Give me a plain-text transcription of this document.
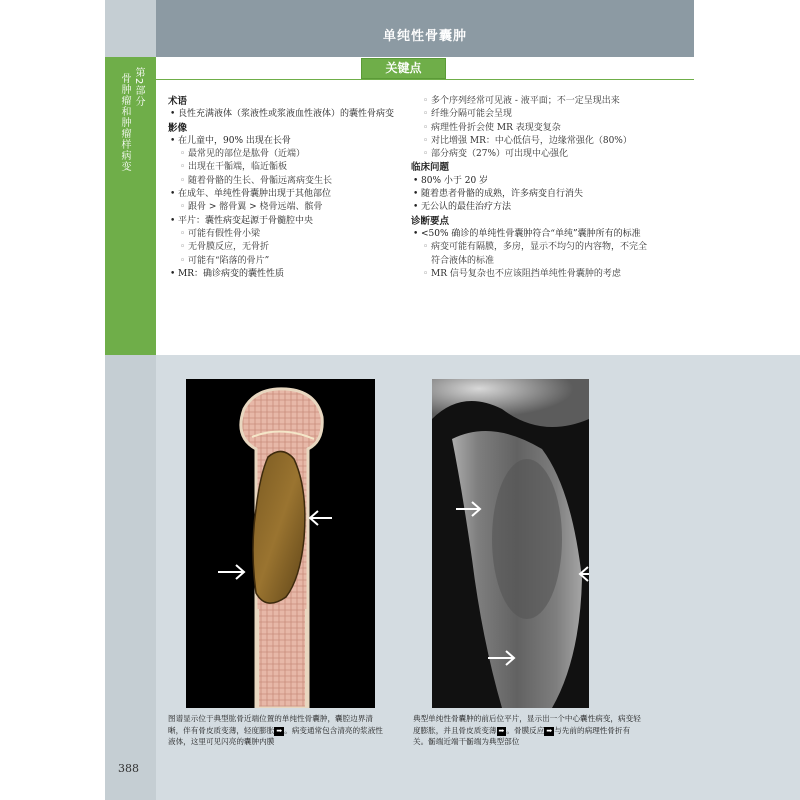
第2部分
骨肿瘤和肿瘤样病变
单纯性骨囊肿
关键点
术语
• 良性充满液体（浆液性或浆液血性液体）的囊性骨病变
影像
• 在儿童中，90% 出现在长骨
◦ 最常见的部位是肱骨（近端）
◦ 出现在干骺端，临近骺板
◦ 随着骨骼的生长、骨骺远离病变生长
• 在成年、单纯性骨囊肿出现于其他部位
◦ 跟骨 > 髂骨翼 > 桡骨远端、髌骨
• 平片：囊性病变起源于骨髓腔中央
◦ 可能有假性骨小梁
◦ 无骨膜反应，无骨折
◦ 可能有“陷落的骨片”
• MR：确诊病变的囊性性质
◦ 多个序列经常可见液 - 液平面；不一定呈现出来
◦ 纤维分隔可能会呈现
◦ 病理性骨折会使 MR 表现变复杂
◦ 对比增强 MR：中心低信号，边缘常强化（80%）
◦ 部分病变（27%）可出现中心强化
临床问题
• 80% 小于 20 岁
• 随着患者骨骼的成熟，许多病变自行消失
• 无公认的最佳治疗方法
诊断要点
• <50% 确诊的单纯性骨囊肿符合“单纯”囊肿所有的标准
◦ 病变可能有隔膜，多房，显示不均匀的内容物，不完全符合液体的标准
◦ MR 信号复杂也不应该阻挡单纯性骨囊肿的考虑
图谱显示位于典型肱骨近端位置的单纯性骨囊肿，囊腔边界清晰，伴有骨皮质变薄，轻度膨胀 ➡ 。病变通常包含清亮的浆液性液体，这里可见闪亮的囊肿内膜
典型单纯性骨囊肿的前后位平片，显示出一个中心囊性病变，病变轻度膨胀，并且骨皮质变薄 ➡ 。骨膜反应 ➡ 与先前的病理性骨折有关。骺端近端干骺端为典型部位
388
